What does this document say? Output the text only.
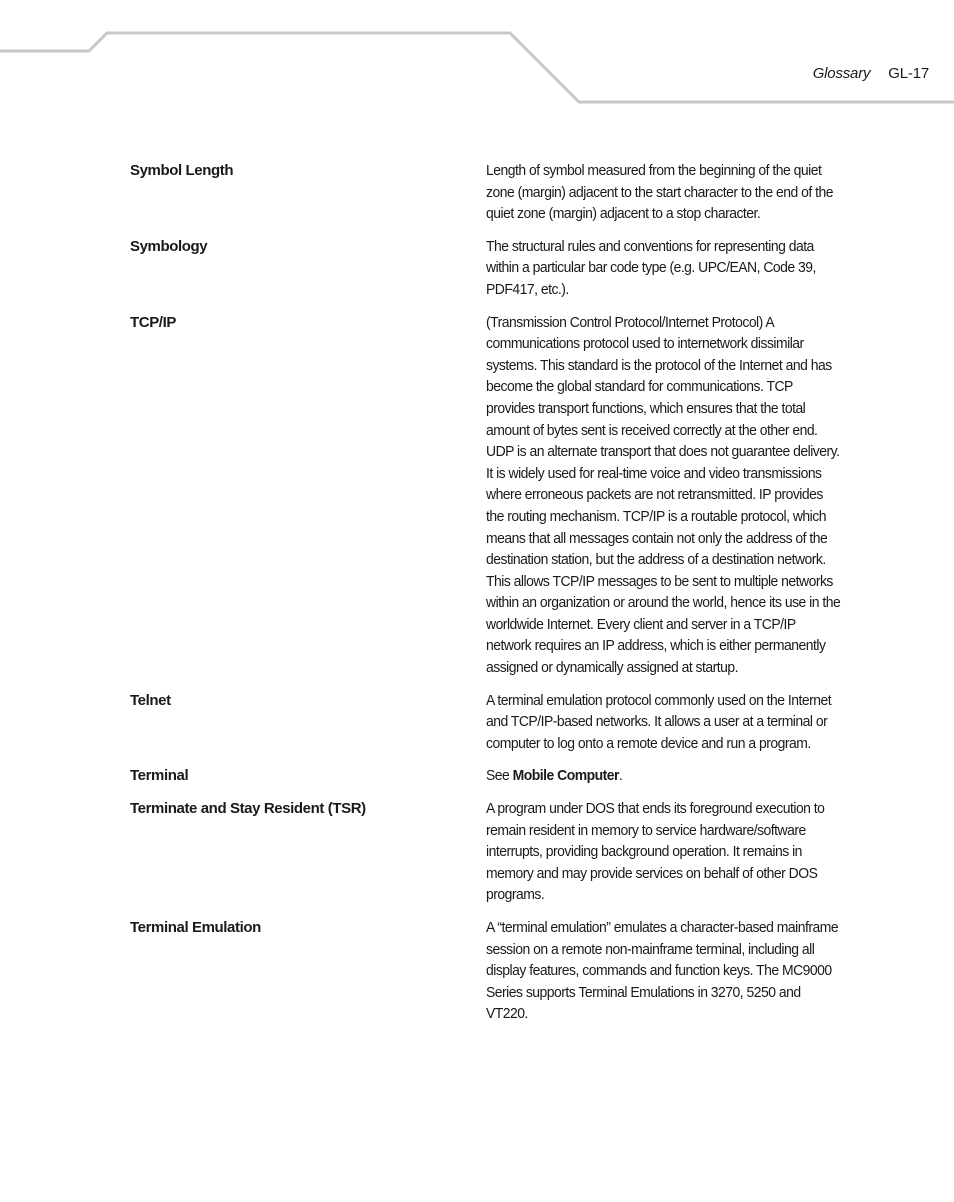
Glossary GL-17
Symbol Length	Length of symbol measured from the beginning of the quiet zone (margin) adjacent to the start character to the end of the quiet zone (margin) adjacent to a stop character.
Symbology	The structural rules and conventions for representing data within a particular bar code type (e.g. UPC/EAN, Code 39, PDF417, etc.).
TCP/IP	(Transmission Control Protocol/Internet Protocol) A communications protocol used to internetwork dissimilar systems. This standard is the protocol of the Internet and has become the global standard for communications. TCP provides transport functions, which ensures that the total amount of bytes sent is received correctly at the other end. UDP is an alternate transport that does not guarantee delivery. It is widely used for real-time voice and video transmissions where erroneous packets are not retransmitted. IP provides the routing mechanism. TCP/IP is a routable protocol, which means that all messages contain not only the address of the destination station, but the address of a destination network. This allows TCP/IP messages to be sent to multiple networks within an organization or around the world, hence its use in the worldwide Internet. Every client and server in a TCP/IP network requires an IP address, which is either permanently assigned or dynamically assigned at startup.
Telnet	A terminal emulation protocol commonly used on the Internet and TCP/IP-based networks. It allows a user at a terminal or computer to log onto a remote device and run a program.
Terminal	See Mobile Computer.
Terminate and Stay Resident (TSR)	A program under DOS that ends its foreground execution to remain resident in memory to service hardware/software interrupts, providing background operation. It remains in memory and may provide services on behalf of other DOS programs.
Terminal Emulation	A “terminal emulation” emulates a character-based mainframe session on a remote non-mainframe terminal, including all display features, commands and function keys. The MC9000 Series supports Terminal Emulations in 3270, 5250 and VT220.
